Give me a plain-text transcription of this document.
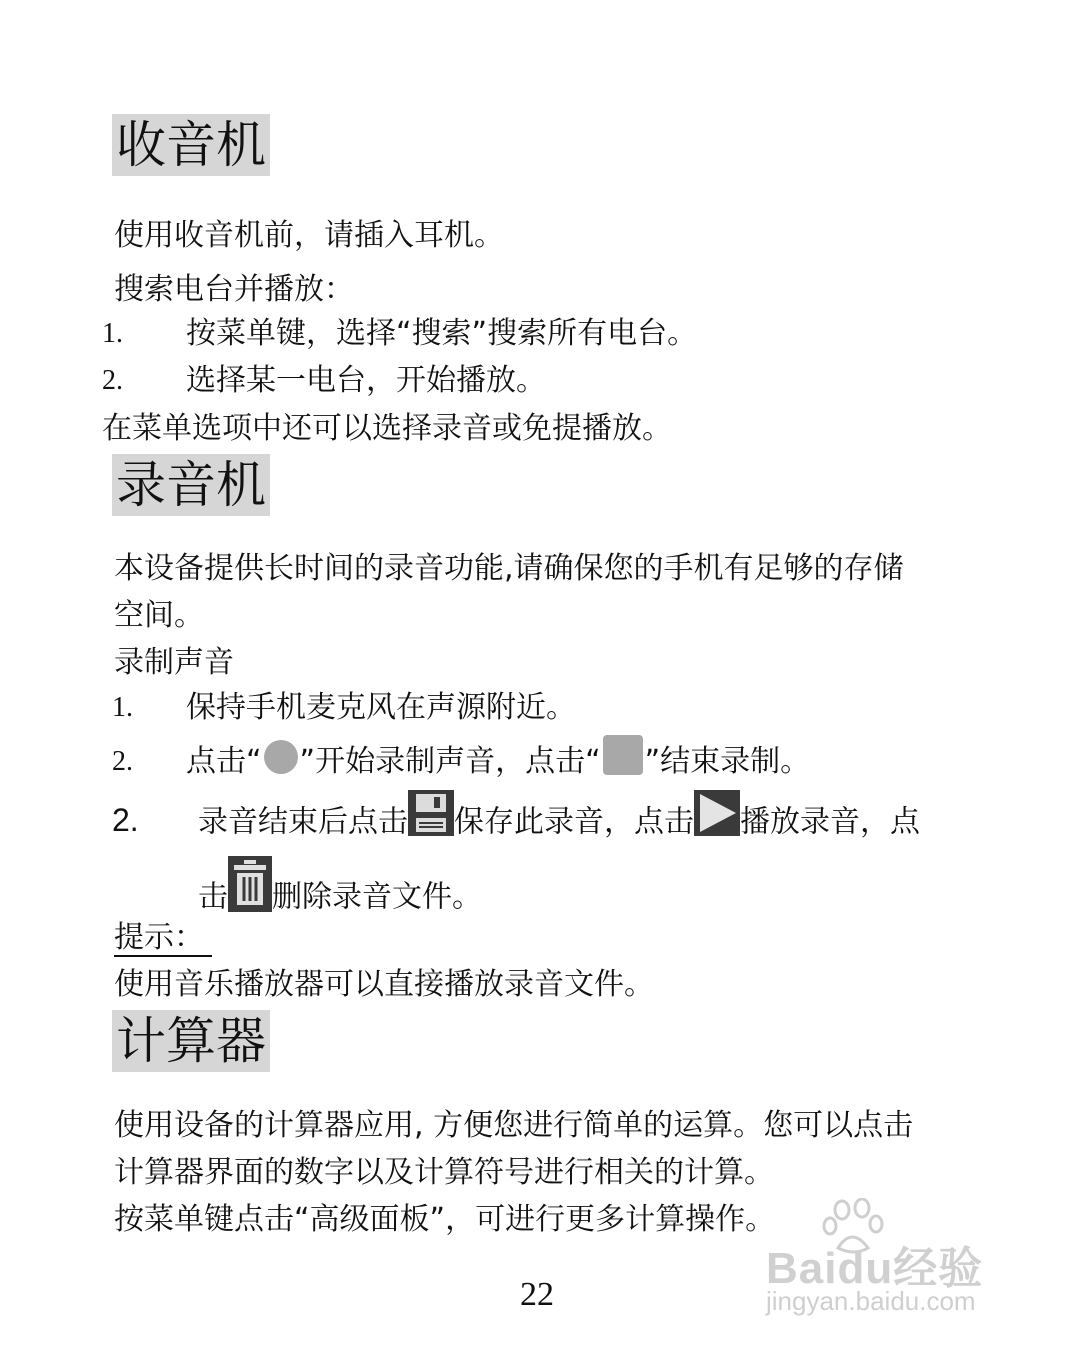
收音机
使用收音机前，请插入耳机。
搜索电台并播放：
1. 按菜单键，选择“搜索”搜索所有电台。
2. 选择某一电台，开始播放。
在菜单选项中还可以选择录音或免提播放。
录音机
本设备提供长时间的录音功能,请确保您的手机有足够的存储
空间。
录制声音
1. 保持手机麦克风在声源附近。
2. 点击“ ”开始录制声音，点击“ ”结束录制。
2. 录音结束后点击 保存此录音，点击 播放录音，点
击 删除录音文件。
提示：
使用音乐播放器可以直接播放录音文件。
计算器
使用设备的计算器应用, 方便您进行简单的运算。您可以点击
计算器界面的数字以及计算符号进行相关的计算。
按菜单键点击“高级面板”，可进行更多计算操作。
22
Baidu经验
jingyan.baidu.com
